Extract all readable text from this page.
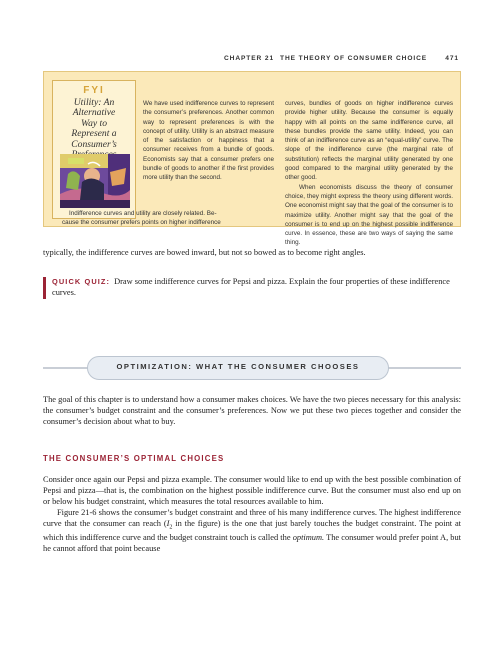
CHAPTER 21 THE THEORY OF CONSUMER CHOICE	471
FYI
Utility: An
Alternative
Way to
Represent a
Consumer’s
We have used indifference curves to represent the consumer’s preferences. Another common way to represent preferences is with the concept of utility. Utility is an abstract measure of the satisfaction or happiness that a consumer receives from a bundle of goods. Economists say that a consumer prefers one bundle of goods to another if the first provides more utility than the second.
Indifference curves and utility are closely related. Be-
cause the consumer prefers points on higher indifference

curves, bundles of goods on higher indifference curves provide higher utility. Because the consumer is equally happy with all points on the same indifference curve, all these bundles provide the same utility. Indeed, you can think of an indifference curve as an “equal-utility” curve. The slope of the indifference curve (the marginal rate of substitution) reflects the marginal utility generated by one good compared to the marginal utility generated by the other good.

When economists discuss the theory of consumer choice, they might express the theory using different words. One economist might say that the goal of the consumer is to maximize utility. Another might say that the goal of the consumer is to end up on the highest possible indifference curve. In essence, these are two ways of saying the same thing.

typically, the indifference curves are bowed inward, but not so bowed as to become right angles.
QUICK QUIZ: Draw some indifference curves for Pepsi and pizza. Explain the four properties of these indifference curves.
OPTIMIZATION: WHAT THE CONSUMER CHOOSES
The goal of this chapter is to understand how a consumer makes choices. We have the two pieces necessary for this analysis: the consumer’s budget constraint and the consumer’s preferences. Now we put these two pieces together and consider the consumer’s decision about what to buy.
THE CONSUMER’S OPTIMAL CHOICES

Consider once again our Pepsi and pizza example. The consumer would like to end up with the best possible combination of Pepsi and pizza—that is, the combination on the highest possible indifference curve. But the consumer must also end up on or below his budget constraint, which measures the total resources available to him.

Figure 21-6 shows the consumer’s budget constraint and three of his many indifference curves. The highest indifference curve that the consumer can reach ($I_2$ in the figure) is the one that just barely touches the budget constraint. The point at which this indifference curve and the budget constraint touch is called the optimum. The consumer would prefer point A, but he cannot afford that point because
